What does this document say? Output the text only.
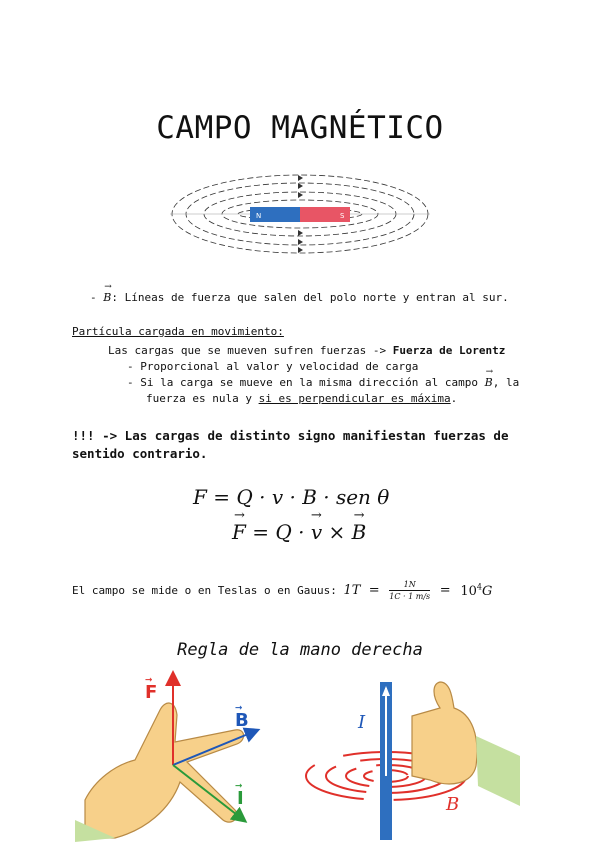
CAMPO MAGNÉTICO
N	S
-
→
B: Líneas de fuerza que salen del polo norte y entran al sur.
Partícula cargada en movimiento:
Las cargas que se mueven sufren fuerzas -> Fuerza de Lorentz
- Proporcional al valor y velocidad de carga
- Si la carga se mueve en la misma dirección al campo
→
B, la
fuerza es nula y si es perpendicular es máxima.
!!! -> Las cargas de distinto signo manifiestan fuerzas de
sentido contrario.
F = Q · v · B · sen θ
→
F = Q ·
→
v ×
→
B
El campo se mide o en Teslas o en Gauus: $1T = \frac{1N}{1C \cdot 1 m/s} = 10^4G$
Regla de la mano derecha
F
→
B
→
I
→
I
B
